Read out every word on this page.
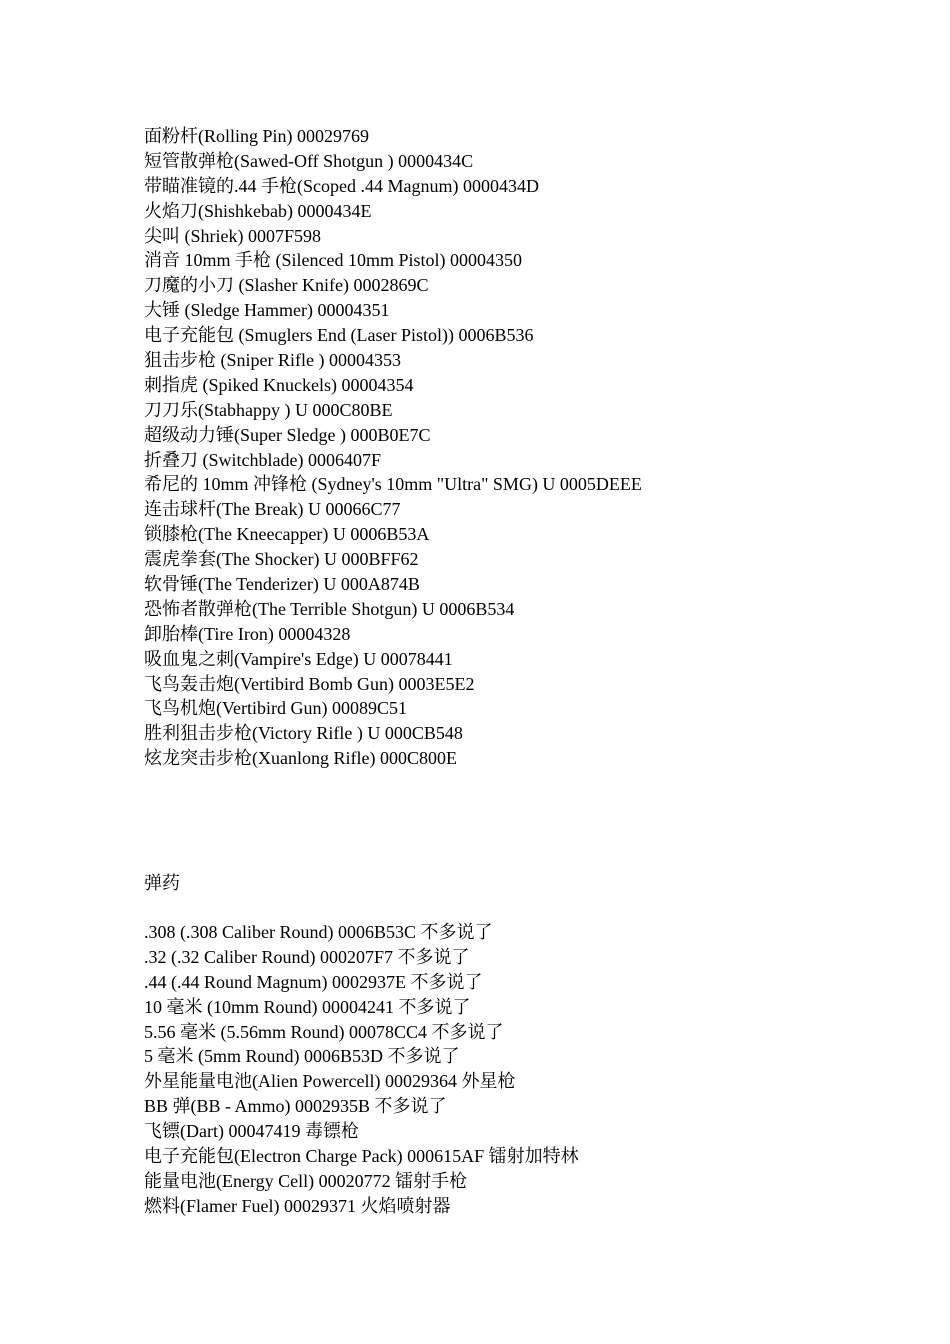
面粉杆(Rolling Pin) 00029769
短管散弹枪(Sawed-Off Shotgun ) 0000434C
带瞄准镜的.44 手枪(Scoped .44 Magnum) 0000434D
火焰刀(Shishkebab) 0000434E
尖叫 (Shriek) 0007F598
消音 10mm 手枪 (Silenced 10mm Pistol) 00004350
刀魔的小刀 (Slasher Knife) 0002869C
大锤 (Sledge Hammer) 00004351
电子充能包 (Smuglers End (Laser Pistol)) 0006B536
狙击步枪 (Sniper Rifle ) 00004353
刺指虎 (Spiked Knuckels) 00004354
刀刀乐(Stabhappy ) U 000C80BE
超级动力锤(Super Sledge ) 000B0E7C
折叠刀 (Switchblade) 0006407F
希尼的 10mm 冲锋枪 (Sydney's 10mm "Ultra" SMG) U 0005DEEE
连击球杆(The Break) U 00066C77
锁膝枪(The Kneecapper) U 0006B53A
震虎拳套(The Shocker) U 000BFF62
软骨锤(The Tenderizer) U 000A874B
恐怖者散弹枪(The Terrible Shotgun) U 0006B534
卸胎棒(Tire Iron) 00004328
吸血鬼之刺(Vampire's Edge) U 00078441
飞鸟轰击炮(Vertibird Bomb Gun) 0003E5E2
飞鸟机炮(Vertibird Gun) 00089C51
胜利狙击步枪(Victory Rifle ) U 000CB548
炫龙突击步枪(Xuanlong Rifle) 000C800E
弹药
.308 (.308 Caliber Round) 0006B53C 不多说了
.32 (.32 Caliber Round) 000207F7 不多说了
.44 (.44 Round Magnum) 0002937E 不多说了
10 毫米 (10mm Round) 00004241 不多说了
5.56 毫米 (5.56mm Round) 00078CC4 不多说了
5 毫米 (5mm Round) 0006B53D 不多说了
外星能量电池(Alien Powercell) 00029364 外星枪
BB 弹(BB - Ammo) 0002935B 不多说了
飞镖(Dart) 00047419 毒镖枪
电子充能包(Electron Charge Pack) 000615AF 镭射加特林
能量电池(Energy Cell) 00020772 镭射手枪
燃料(Flamer Fuel) 00029371 火焰喷射器
